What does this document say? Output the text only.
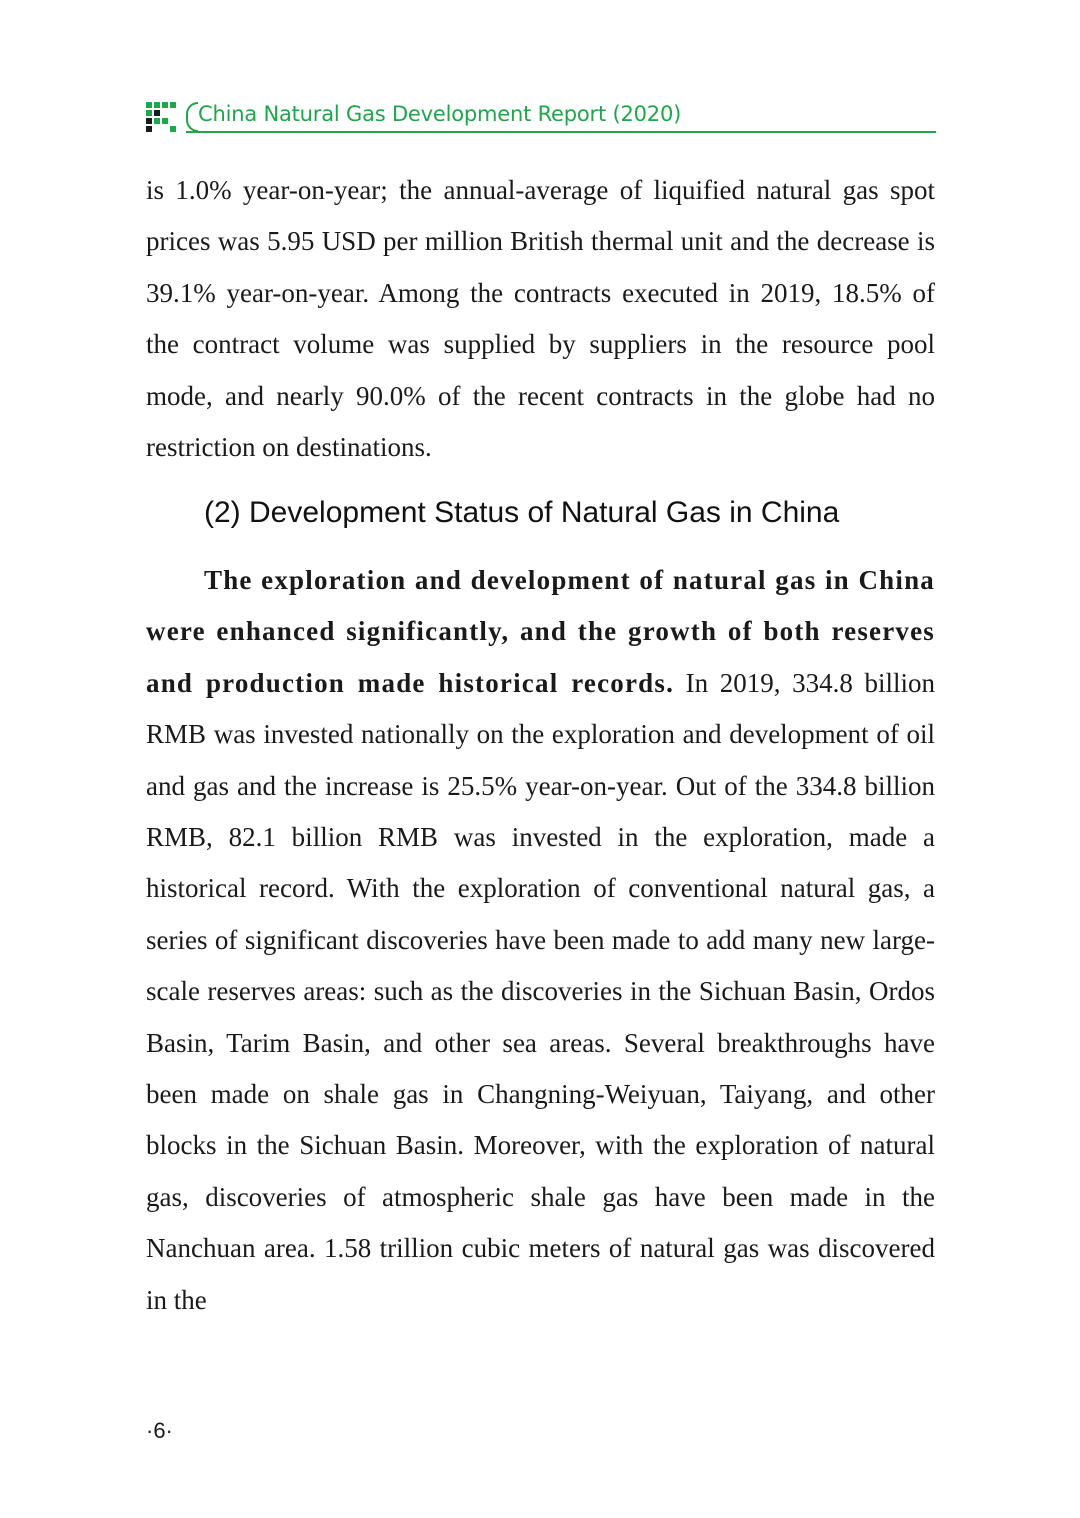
China Natural Gas Development Report (2020)

is 1.0% year-on-year; the annual-average of liquified natural gas spot prices was 5.95 USD per million British thermal unit and the decrease is 39.1% year-on-year. Among the contracts executed in 2019, 18.5% of the contract volume was supplied by suppliers in the resource pool mode, and nearly 90.0% of the recent contracts in the globe had no restriction on destinations.

(2) Development Status of Natural Gas in China

The exploration and development of natural gas in China were enhanced significantly, and the growth of both reserves and production made historical records. In 2019, 334.8 billion RMB was invested nationally on the exploration and development of oil and gas and the increase is 25.5% year-on-year. Out of the 334.8 billion RMB, 82.1 billion RMB was invested in the exploration, made a historical record. With the exploration of conventional natural gas, a series of significant discoveries have been made to add many new large-scale reserves areas: such as the discoveries in the Sichuan Basin, Ordos Basin, Tarim Basin, and other sea areas. Several breakthroughs have been made on shale gas in Changning-Weiyuan, Taiyang, and other blocks in the Sichuan Basin. Moreover, with the exploration of natural gas, discoveries of atmospheric shale gas have been made in the Nanchuan area. 1.58 trillion cubic meters of natural gas was discovered in the

·6·
